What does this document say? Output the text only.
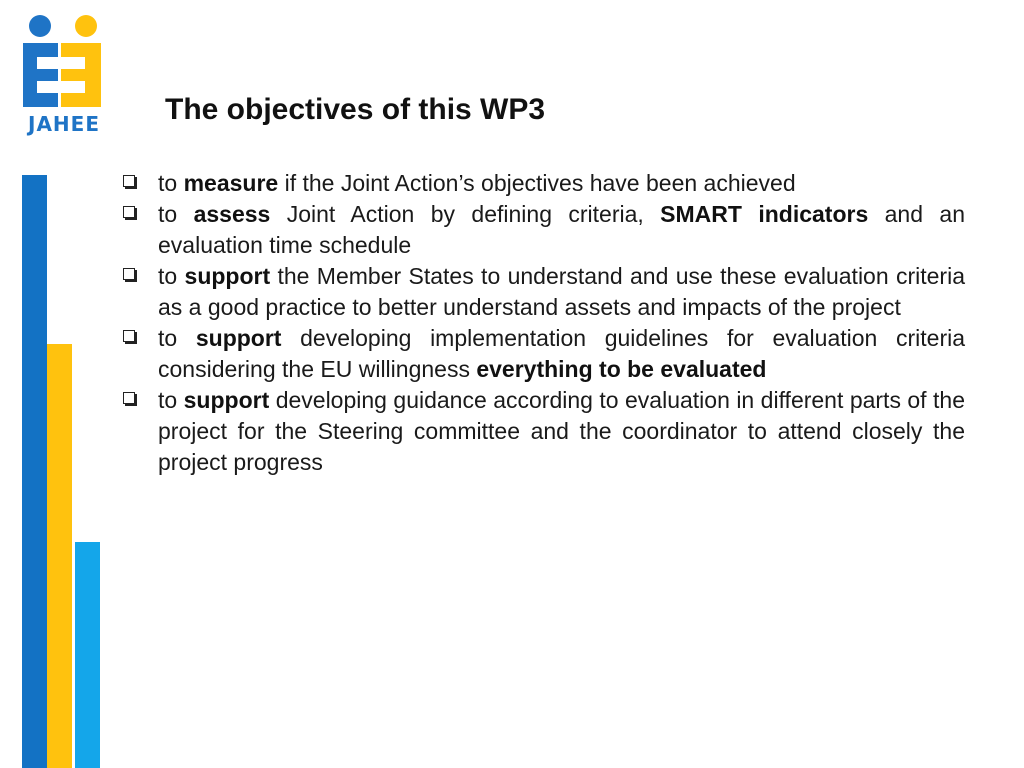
JAHEE The objectives of this WP3
to measure if the Joint Action’s objectives have been achieved
to assess Joint Action by defining criteria, SMART indicators and an evaluation time schedule
to support the Member States to understand and use these evaluation criteria as a good practice to better understand assets and impacts of the project
to support developing implementation guidelines for evaluation criteria considering the EU willingness everything to be evaluated
to support developing guidance according to evaluation in different parts of the project for the Steering committee and the coordinator to attend closely the project progress
